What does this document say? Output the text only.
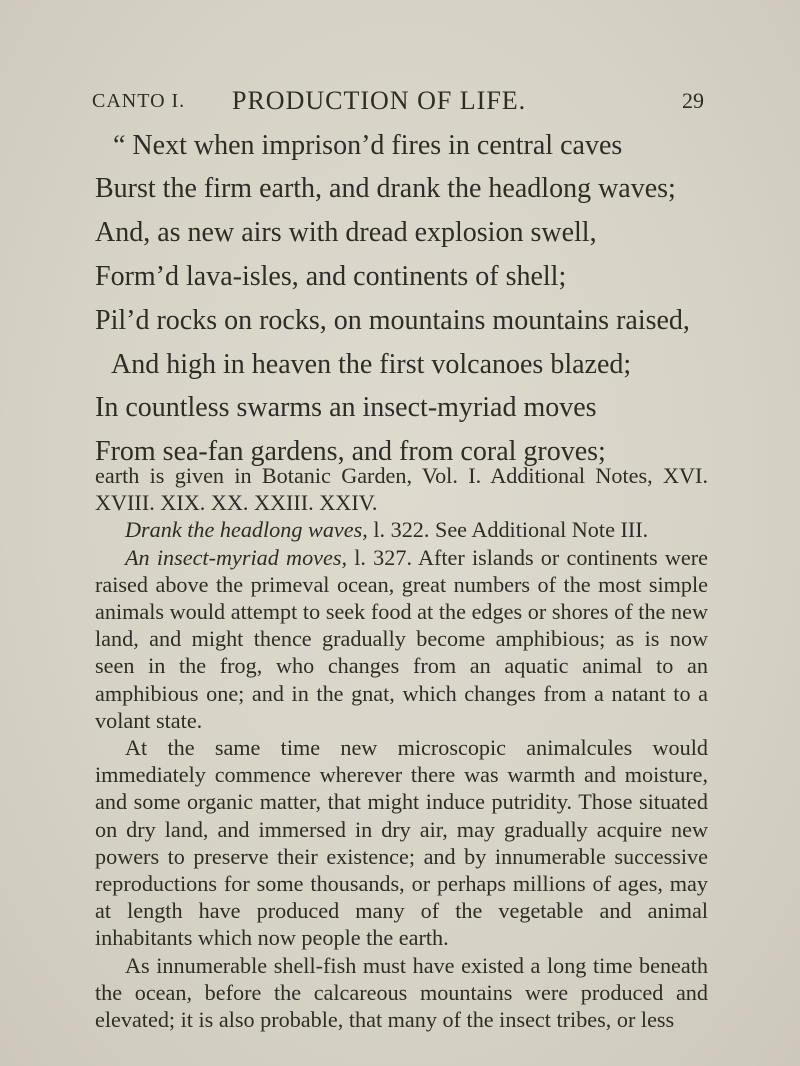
CANTO I. PRODUCTION OF LIFE.	29
“ Next when imprison’d fires in central caves
Burst the firm earth, and drank the headlong waves;
And, as new airs with dread explosion swell,
Form’d lava-isles, and continents of shell;
Pil’d rocks on rocks, on mountains mountains raised,
And high in heaven the first volcanoes blazed;
In countless swarms an insect-myriad moves
From sea-fan gardens, and from coral groves;

earth is given in Botanic Garden, Vol. I. Additional Notes, XVI. XVIII. XIX. XX. XXIII. XXIV.

Drank the headlong waves, l. 322. See Additional Note III.

An insect-myriad moves, l. 327. After islands or continents were raised above the primeval ocean, great numbers of the most simple animals would attempt to seek food at the edges or shores of the new land, and might thence gradually become amphibious; as is now seen in the frog, who changes from an aquatic animal to an amphibious one; and in the gnat, which changes from a natant to a volant state.

At the same time new microscopic animalcules would immediately commence wherever there was warmth and moisture, and some organic matter, that might induce putridity. Those situated on dry land, and immersed in dry air, may gradually acquire new powers to preserve their existence; and by innumerable successive reproductions for some thousands, or perhaps millions of ages, may at length have produced many of the vegetable and animal inhabitants which now people the earth.

As innumerable shell-fish must have existed a long time beneath the ocean, before the calcareous mountains were produced and elevated; it is also probable, that many of the insect tribes, or less
